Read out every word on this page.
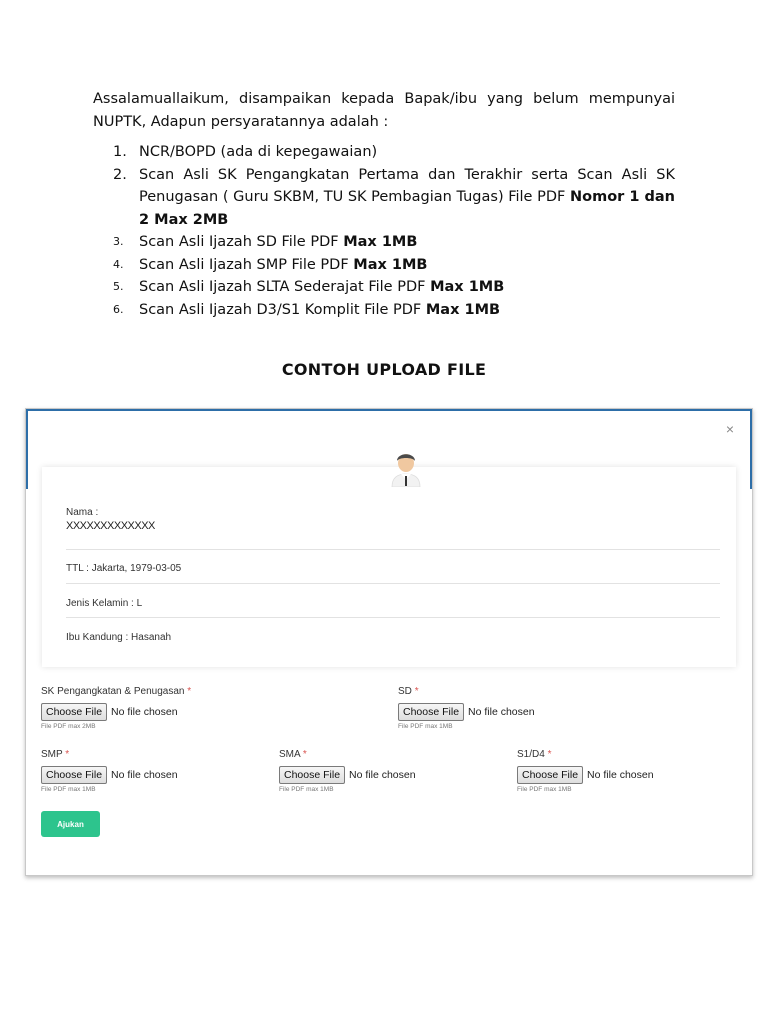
Assalamuallaikum, disampaikan kepada Bapak/ibu yang belum mempunyai NUPTK, Adapun persyaratannya adalah :

1. NCR/BOPD (ada di kepegawaian)
2. Scan Asli SK Pengangkatan Pertama dan Terakhir serta Scan Asli SK Penugasan ( Guru SKBM, TU SK Pembagian Tugas) File PDF Nomor 1 dan 2 Max 2MB
3. Scan Asli Ijazah SD File PDF Max 1MB
4. Scan Asli Ijazah SMP File PDF Max 1MB
5. Scan Asli Ijazah SLTA Sederajat File PDF Max 1MB
6. Scan Asli Ijazah D3/S1 Komplit File PDF Max 1MB
CONTOH UPLOAD FILE
×
Nama :
XXXXXXXXXXXXX
TTL : Jakarta, 1979-03-05
Jenis Kelamin : L
Ibu Kandung : Hasanah
SK Pengangkatan & Penugasan *
Choose File No file chosen
File PDF max 2MB
SD *
Choose File No file chosen
File PDF max 1MB
SMP *
Choose File No file chosen
File PDF max 1MB
SMA *
Choose File No file chosen
File PDF max 1MB
S1/D4 *
Choose File No file chosen
File PDF max 1MB
Ajukan
